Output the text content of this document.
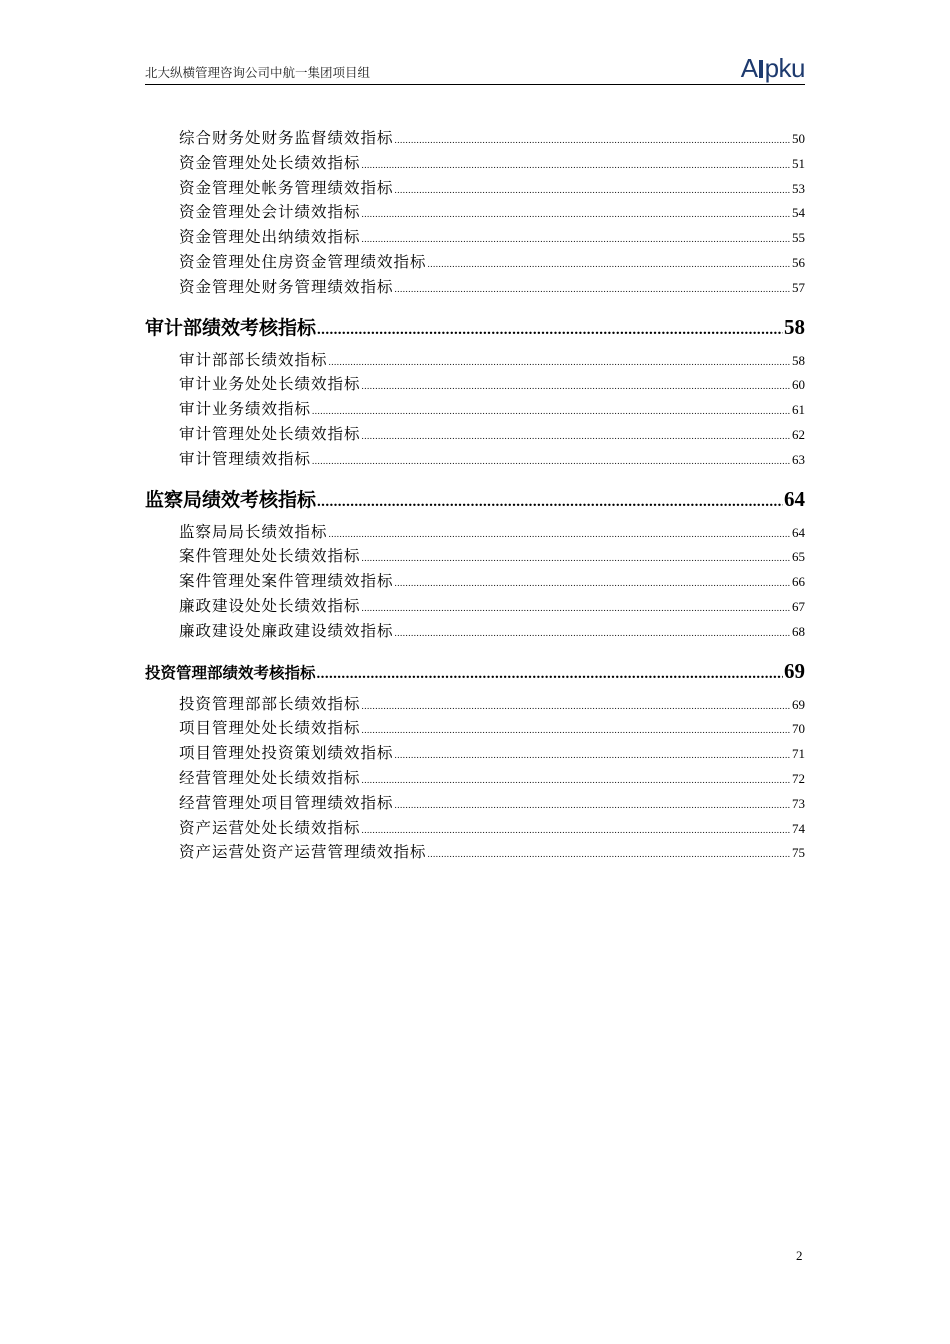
北大纵横管理咨询公司中航一集团项目组	A pku
综合财务处财务监督绩效指标 .....	50
资金管理处处长绩效指标 .....	51
资金管理处帐务管理绩效指标 .....	53
资金管理处会计绩效指标 .....	54
资金管理处出纳绩效指标 .....	55
资金管理处住房资金管理绩效指标 .....	56
资金管理处财务管理绩效指标 .....	57
审计部绩效考核指标 .....	58
审计部部长绩效指标 .....	58
审计业务处处长绩效指标 .....	60
审计业务绩效指标 .....	61
审计管理处处长绩效指标 .....	62
审计管理绩效指标 .....	63
监察局绩效考核指标 .....	64
监察局局长绩效指标 .....	64
案件管理处处长绩效指标 .....	65
案件管理处案件管理绩效指标 .....	66
廉政建设处处长绩效指标 .....	67
廉政建设处廉政建设绩效指标 .....	68
投资管理部绩效考核指标 .....	69
投资管理部部长绩效指标 .....	69
项目管理处处长绩效指标 .....	70
项目管理处投资策划绩效指标 .....	71
经营管理处处长绩效指标 .....	72
经营管理处项目管理绩效指标 .....	73
资产运营处处长绩效指标 .....	74
资产运营处资产运营管理绩效指标 .....	75
2
